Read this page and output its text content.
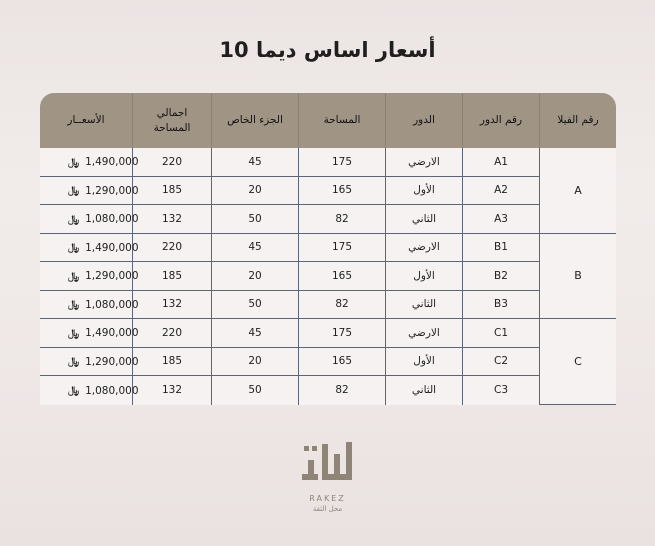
أسعار اساس ديما 10
رقم الفيلا	رقم الدور	الدور	المساحة	الجزء الخاص	اجمالي المساحة	الأسعــار
A	A1	الارضي	175	45	220	﷼ 1,490,000

	A2	الأول	165	20	185	﷼ 1,290,000

	A3	الثاني	82	50	132	﷼ 1,080,000

B	B1	الارضي	175	45	220	﷼ 1,490,000

	B2	الأول	165	20	185	﷼ 1,290,000

	B3	الثاني	82	50	132	﷼ 1,080,000

C	C1	الارضي	175	45	220	﷼ 1,490,000

	C2	الأول	165	20	185	﷼ 1,290,000

	C3	الثاني	82	50	132	﷼ 1,080,000
RAKEZ
محل الثقة
